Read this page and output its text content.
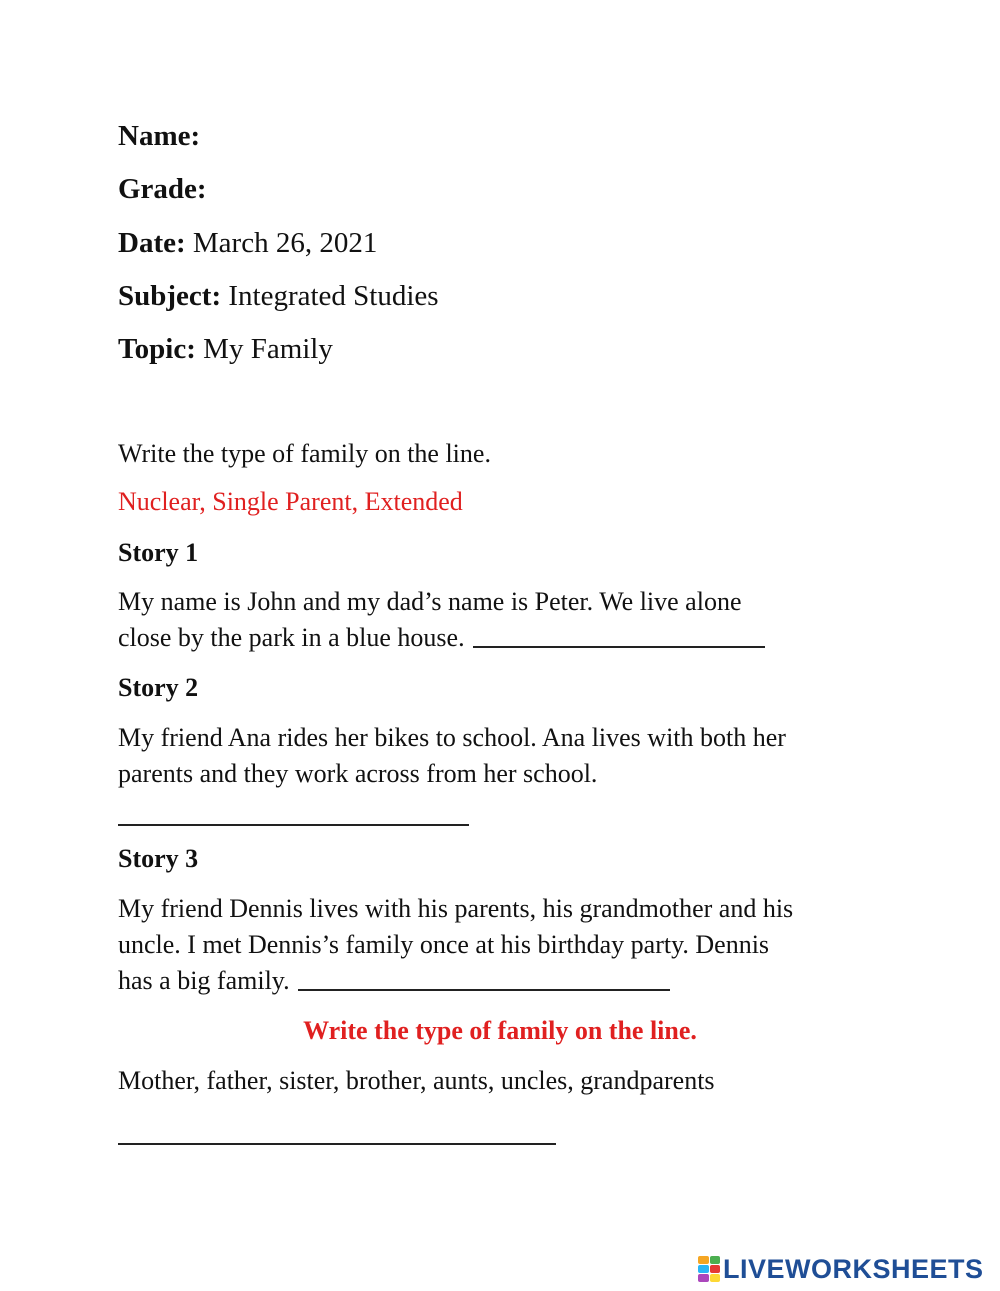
Name:
Grade:
Date: March 26, 2021
Subject: Integrated Studies
Topic: My Family
Write the type of family on the line.
Nuclear, Single Parent, Extended
Story 1
My name is John and my dad’s name is Peter. We live alone
close by the park in a blue house.
Story 2
My friend Ana rides her bikes to school. Ana lives with both her
parents and they work across from her school.
Story 3
My friend Dennis lives with his parents, his grandmother and his
uncle. I met Dennis’s family once at his birthday party. Dennis
has a big family.
Write the type of family on the line.
Mother, father, sister, brother, aunts, uncles, grandparents
LIVEWORKSHEETS
